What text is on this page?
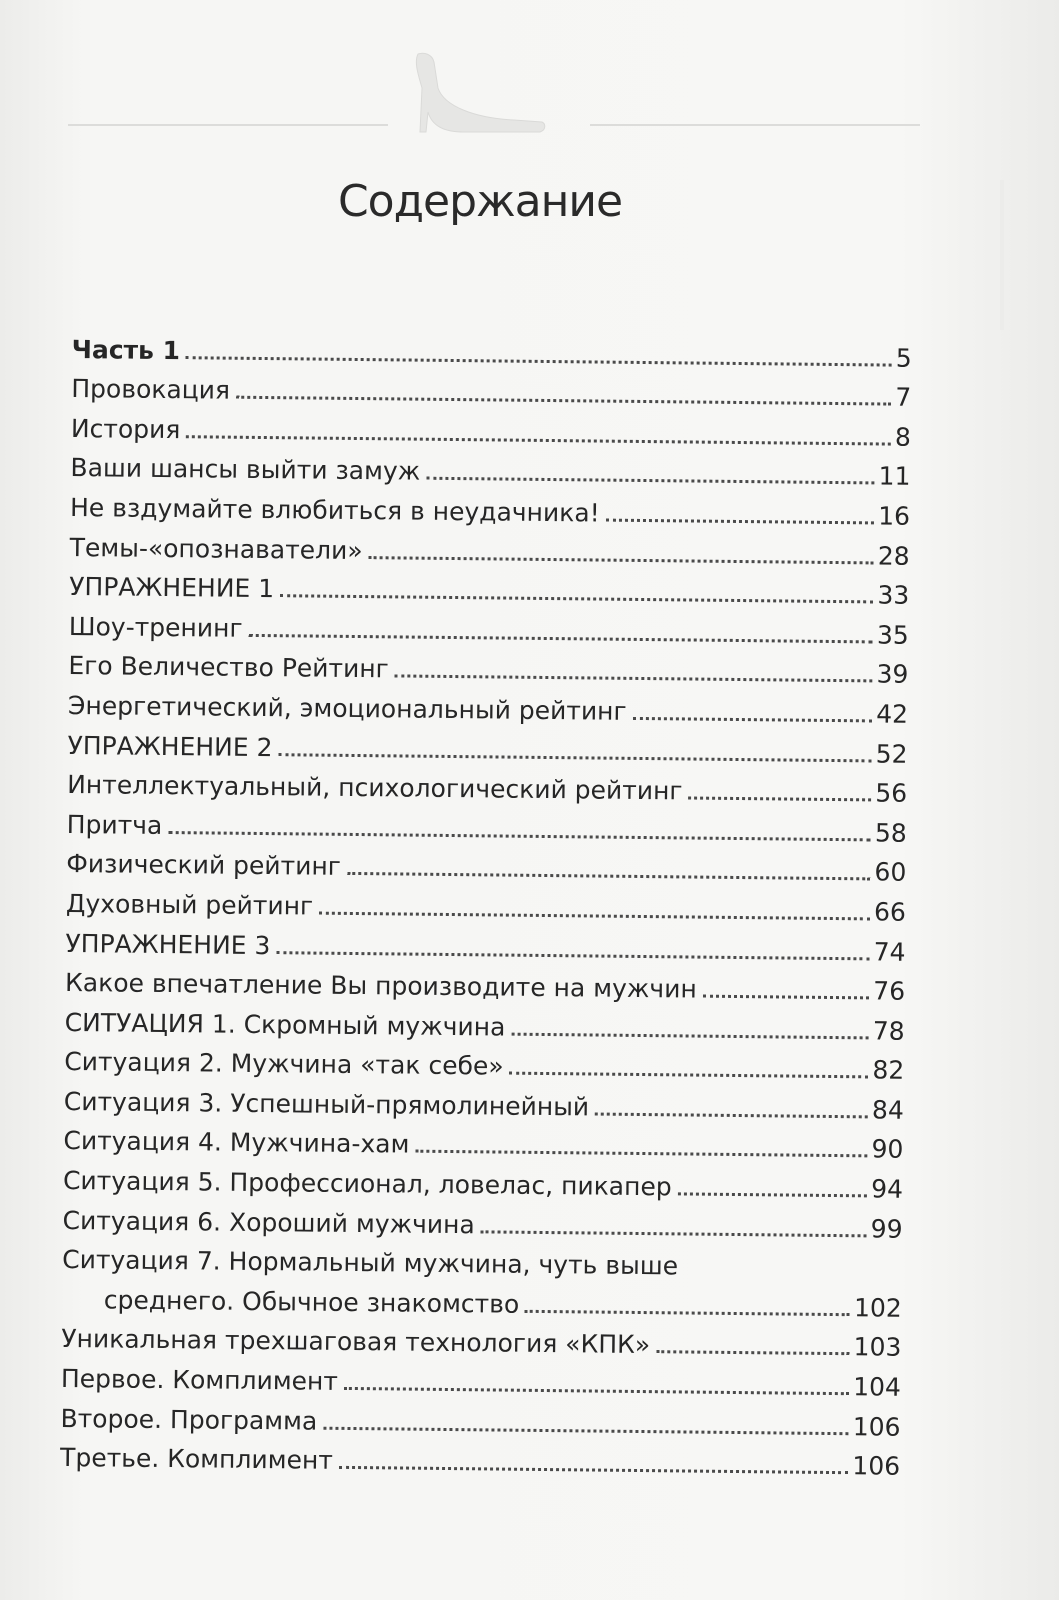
Содержание
Часть 1	5
Провокация	7
История	8
Ваши шансы выйти замуж	11
Не вздумайте влюбиться в неудачника!	16
Темы-«опознаватели»	28
УПРАЖНЕНИЕ 1	33
Шоу-тренинг	35
Его Величество Рейтинг	39
Энергетический, эмоциональный рейтинг	42
УПРАЖНЕНИЕ 2	52
Интеллектуальный, психологический рейтинг	56
Притча	58
Физический рейтинг	60
Духовный рейтинг	66
УПРАЖНЕНИЕ 3	74
Какое впечатление Вы производите на мужчин	76
СИТУАЦИЯ 1. Скромный мужчина	78
Ситуация 2. Мужчина «так себе»	82
Ситуация 3. Успешный-прямолинейный	84
Ситуация 4. Мужчина-хам	90
Ситуация 5. Профессионал, ловелас, пикапер	94
Ситуация 6. Хороший мужчина	99
Ситуация 7. Нормальный мужчина, чуть выше
среднего. Обычное знакомство	102
Уникальная трехшаговая технология «КПК»	103
Первое. Комплимент	104
Второе. Программа	106
Третье. Комплимент	106
